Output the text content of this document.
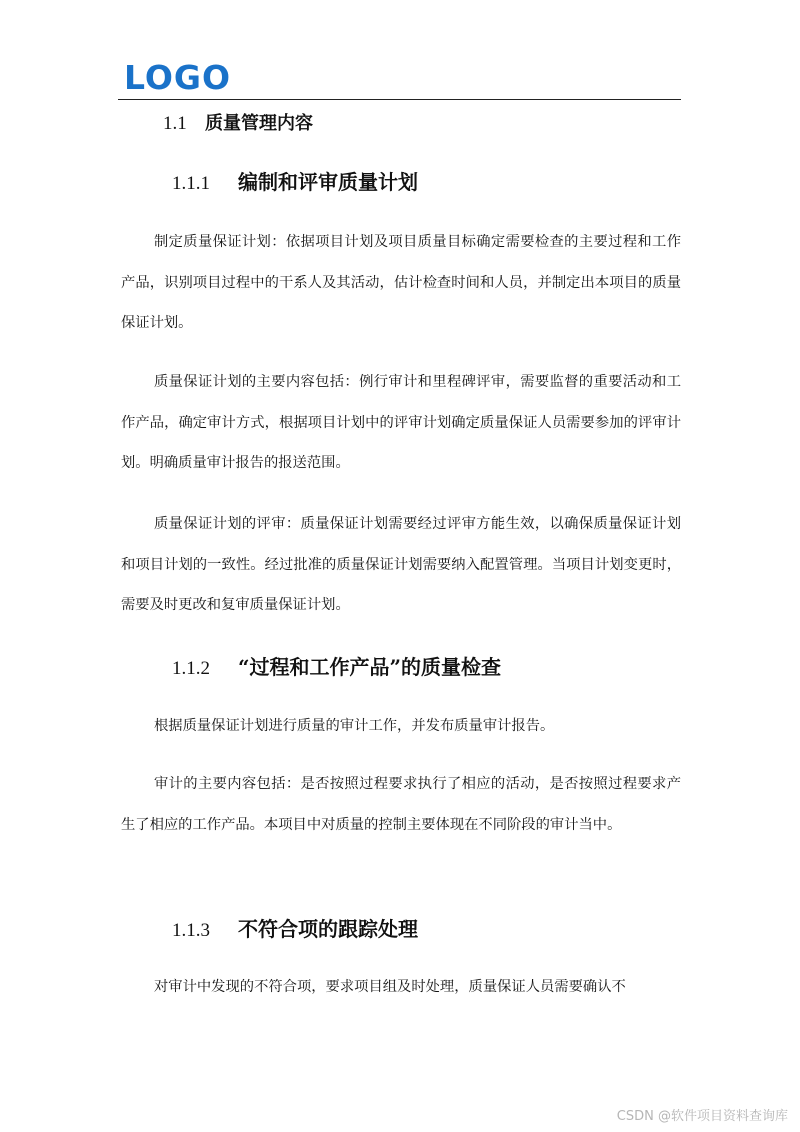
LOGO
1.1 质量管理内容
1.1.1 编制和评审质量计划

制定质量保证计划：依据项目计划及项目质量目标确定需要检查的主要过程和工作产品，识别项目过程中的干系人及其活动，估计检查时间和人员，并制定出本项目的质量保证计划。

质量保证计划的主要内容包括：例行审计和里程碑评审，需要监督的重要活动和工作产品，确定审计方式，根据项目计划中的评审计划确定质量保证人员需要参加的评审计划。明确质量审计报告的报送范围。

质量保证计划的评审：质量保证计划需要经过评审方能生效，以确保质量保证计划和项目计划的一致性。经过批准的质量保证计划需要纳入配置管理。当项目计划变更时，需要及时更改和复审质量保证计划。

1.1.2 “过程和工作产品”的质量检查

根据质量保证计划进行质量的审计工作，并发布质量审计报告。

审计的主要内容包括：是否按照过程要求执行了相应的活动，是否按照过程要求产生了相应的工作产品。本项目中对质量的控制主要体现在不同阶段的审计当中。

1.1.3 不符合项的跟踪处理

对审计中发现的不符合项，要求项目组及时处理，质量保证人员需要确认不

CSDN @软件项目资料查询库
